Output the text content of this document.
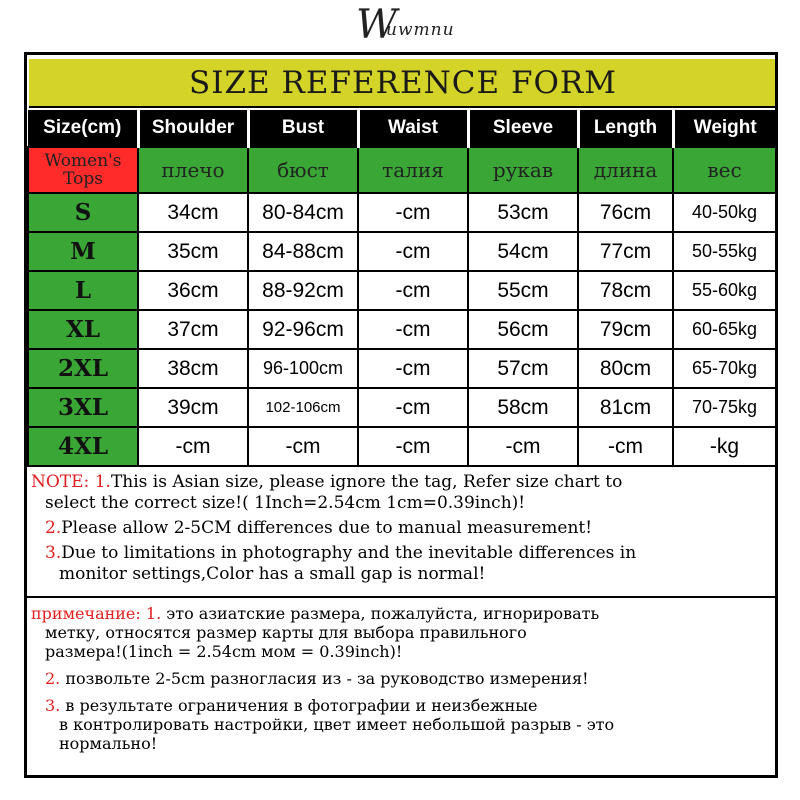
W
uwmnu
SIZE REFERENCE FORM
Size(cm)	Shoulder	Bust	Waist	Sleeve	Length	Weight
Women's Tops	плечо	бюст	талия	рукав	длина	вес
S	34cm	80-84cm	-cm	53cm	76cm	40-50kg
M	35cm	84-88cm	-cm	54cm	77cm	50-55kg
L	36cm	88-92cm	-cm	55cm	78cm	55-60kg
XL	37cm	92-96cm	-cm	56cm	79cm	60-65kg
2XL	38cm	96-100cm	-cm	57cm	80cm	65-70kg
3XL	39cm	102-106cm	-cm	58cm	81cm	70-75kg
4XL	-cm	-cm	-cm	-cm	-cm	-kg

NOTE: 1.This is Asian size, please ignore the tag, Refer size chart to

select the correct size!( 1Inch=2.54cm 1cm=0.39inch)!

2.Please allow 2-5CM differences due to manual measurement!

3.Due to limitations in photography and the inevitable differences in

monitor settings,Color has a small gap is normal!

примечание: 1. это азиатские размера, пожалуйста, игнорировать

метку, относятся размер карты для выбора правильного

размера!(1inch = 2.54cm мом = 0.39inch)!

2. позвольте 2-5cm разногласия из - за руководство измерения!

3. в результате ограничения в фотографии и неизбежные

в контролировать настройки, цвет имеет небольшой разрыв - это

нормально!
